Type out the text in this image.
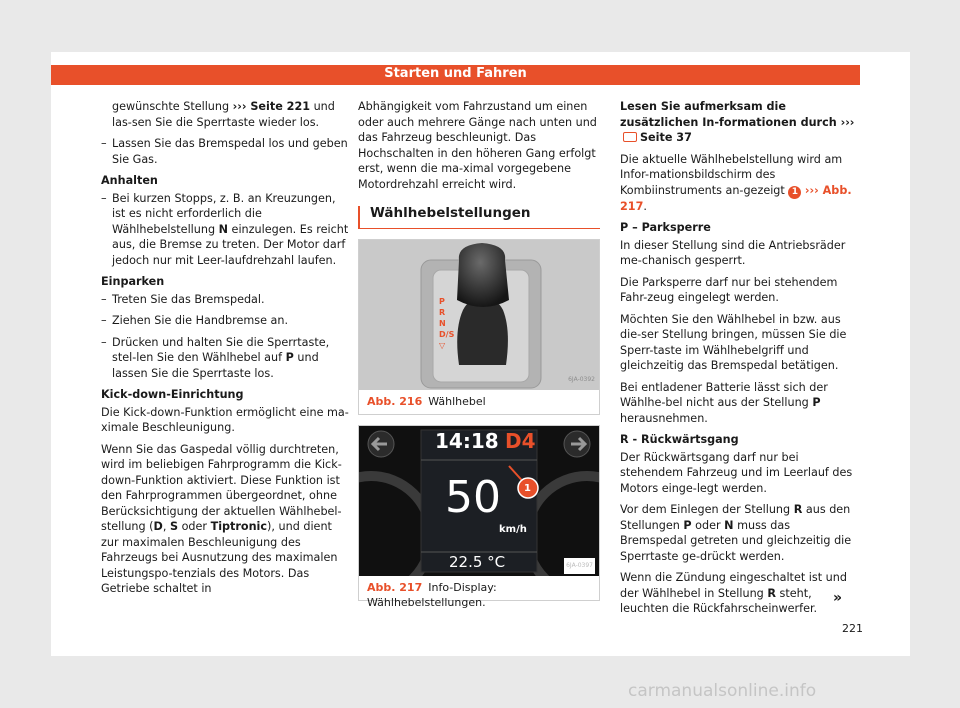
Starten und Fahren

gewünschte Stellung ››› Seite 221 und las-sen Sie die Sperrtaste wieder los.

– Lassen Sie das Bremspedal los und geben Sie Gas.
Anhalten
– Bei kurzen Stopps, z. B. an Kreuzungen, ist es nicht erforderlich die Wählhebelstellung N einzulegen. Es reicht aus, die Bremse zu treten. Der Motor darf jedoch nur mit Leer-laufdrehzahl laufen.
Einparken
– Treten Sie das Bremspedal.
– Ziehen Sie die Handbremse an.
– Drücken und halten Sie die Sperrtaste, stel-len Sie den Wählhebel auf P und lassen Sie die Sperrtaste los.
Kick-down-Einrichtung

Die Kick-down-Funktion ermöglicht eine ma-ximale Beschleunigung.

Wenn Sie das Gaspedal völlig durchtreten, wird im beliebigen Fahrprogramm die Kick-down-Funktion aktiviert. Diese Funktion ist den Fahrprogrammen übergeordnet, ohne Berücksichtigung der aktuellen Wählhebel-stellung (D, S oder Tiptronic), und dient zur maximalen Beschleunigung des Fahrzeugs bei Ausnutzung des maximalen Leistungspo-tenzials des Motors. Das Getriebe schaltet in

Abhängigkeit vom Fahrzustand um einen oder auch mehrere Gänge nach unten und das Fahrzeug beschleunigt. Das Hochschalten in den höheren Gang erfolgt erst, wenn die ma-ximal vorgegebene Motordrehzahl erreicht wird.

Wählhebelstellungen
P
R
N
D/S
▽
6JA-0392
Abb. 216 Wählhebel
14:18 D4
1
50
km/h
22.5 °C	6JA-0397
Abb. 217 Info-Display: Wählhebelstellungen.

Lesen Sie aufmerksam die zusätzlichen In-formationen durch ›››Seite 37

Die aktuelle Wählhebelstellung wird am Infor-mationsbildschirm des Kombiinstruments an-gezeigt 1 ››› Abb. 217.

P – Parksperre

In dieser Stellung sind die Antriebsräder me-chanisch gesperrt.

Die Parksperre darf nur bei stehendem Fahr-zeug eingelegt werden.

Möchten Sie den Wählhebel in bzw. aus die-ser Stellung bringen, müssen Sie die Sperr-taste im Wählhebelgriff und gleichzeitig das Bremspedal betätigen.

Bei entladener Batterie lässt sich der Wählhe-bel nicht aus der Stellung P herausnehmen.

R - Rückwärtsgang

Der Rückwärtsgang darf nur bei stehendem Fahrzeug und im Leerlauf des Motors einge-legt werden.

Vor dem Einlegen der Stellung R aus den Stellungen P oder N muss das Bremspedal getreten und gleichzeitig die Sperrtaste ge-drückt werden.

Wenn die Zündung eingeschaltet ist und der Wählhebel in Stellung R steht, leuchten die Rückfahrscheinwerfer.

»
221
carmanualsonline.info
